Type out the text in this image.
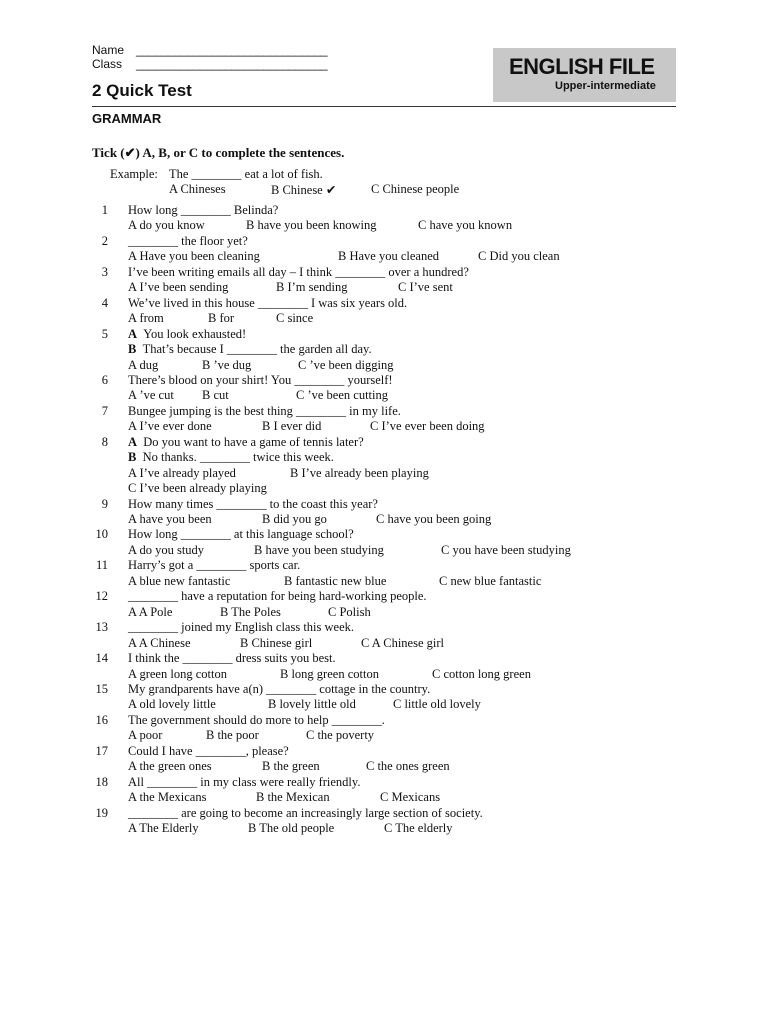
Name ______________________________
Class ______________________________
2 Quick Test
ENGLISH FILE
Upper-intermediate
GRAMMAR
Tick (✔) A, B, or C to complete the sentences.
Example: The ________ eat a lot of fish.
A Chineses	B Chinese ✔	C Chinese people
1 How long ________ Belinda?
A do you know	B have you been knowing	C have you known
2 ________ the floor yet?
A Have you been cleaning	B Have you cleaned	C Did you clean
3 I’ve been writing emails all day – I think ________ over a hundred?
A I’ve been sending	B I’m sending	C I’ve sent
4 We’ve lived in this house ________ I was six years old.
A from	B for	C since
5 A You look exhausted!
B That’s because I ________ the garden all day.
A dug	B ’ve dug	C ’ve been digging
6 There’s blood on your shirt! You ________ yourself!
A ’ve cut B cut	C ’ve been cutting
7 Bungee jumping is the best thing ________ in my life.
A I’ve ever done	B I ever did	C I’ve ever been doing
8 A Do you want to have a game of tennis later?
B No thanks. ________ twice this week.
A I’ve already played	B I’ve already been playing
C I’ve been already playing
9 How many times ________ to the coast this year?
A have you been	B did you go	C have you been going
10 How long ________ at this language school?
A do you study	B have you been studying	C you have been studying
11 Harry’s got a ________ sports car.
A blue new fantastic	B fantastic new blue	C new blue fantastic
12 ________ have a reputation for being hard-working people.
A A Pole	B The Poles	C Polish
13 ________ joined my English class this week.
A A Chinese	B Chinese girl	C A Chinese girl
14 I think the ________ dress suits you best.
A green long cotton	B long green cotton	C cotton long green
15 My grandparents have a(n) ________ cottage in the country.
A old lovely little	B lovely little old	C little old lovely
16 The government should do more to help ________.
A poor	B the poor	C the poverty
17 Could I have ________, please?
A the green ones	B the green	C the ones green
18 All ________ in my class were really friendly.
A the Mexicans	B the Mexican	C Mexicans
19 ________ are going to become an increasingly large section of society.
A The Elderly	B The old people	C The elderly
